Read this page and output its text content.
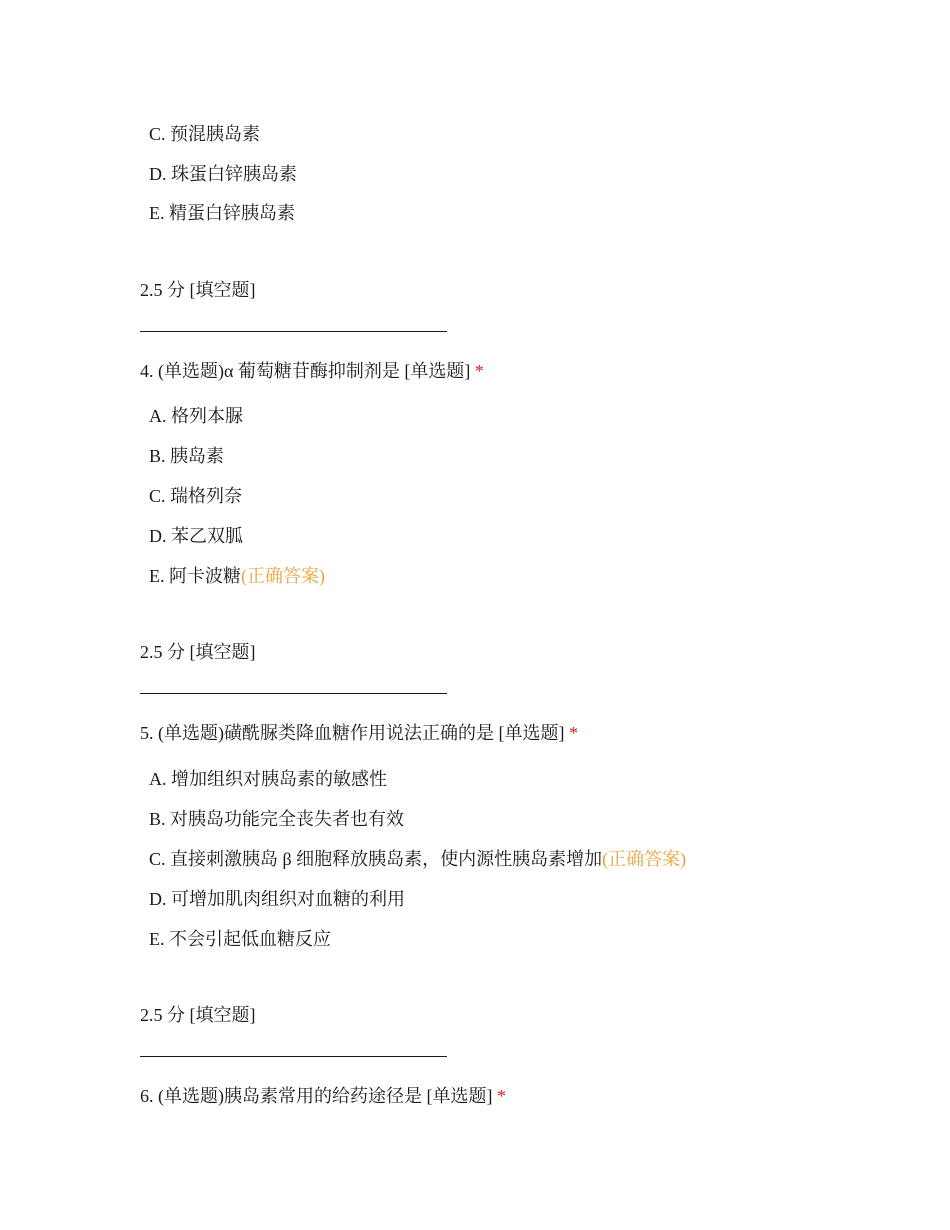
C. 预混胰岛素
D. 珠蛋白锌胰岛素
E. 精蛋白锌胰岛素
2.5 分 [填空题]
4. (单选题)α 葡萄糖苷酶抑制剂是 [单选题] *
A. 格列本脲
B. 胰岛素
C. 瑞格列奈
D. 苯乙双胍
E. 阿卡波糖(正确答案)
2.5 分 [填空题]
5. (单选题)磺酰脲类降血糖作用说法正确的是 [单选题] *
A. 增加组织对胰岛素的敏感性
B. 对胰岛功能完全丧失者也有效
C. 直接刺激胰岛 β 细胞释放胰岛素，使内源性胰岛素增加(正确答案)
D. 可增加肌肉组织对血糖的利用
E. 不会引起低血糖反应
2.5 分 [填空题]
6. (单选题)胰岛素常用的给药途径是 [单选题] *
